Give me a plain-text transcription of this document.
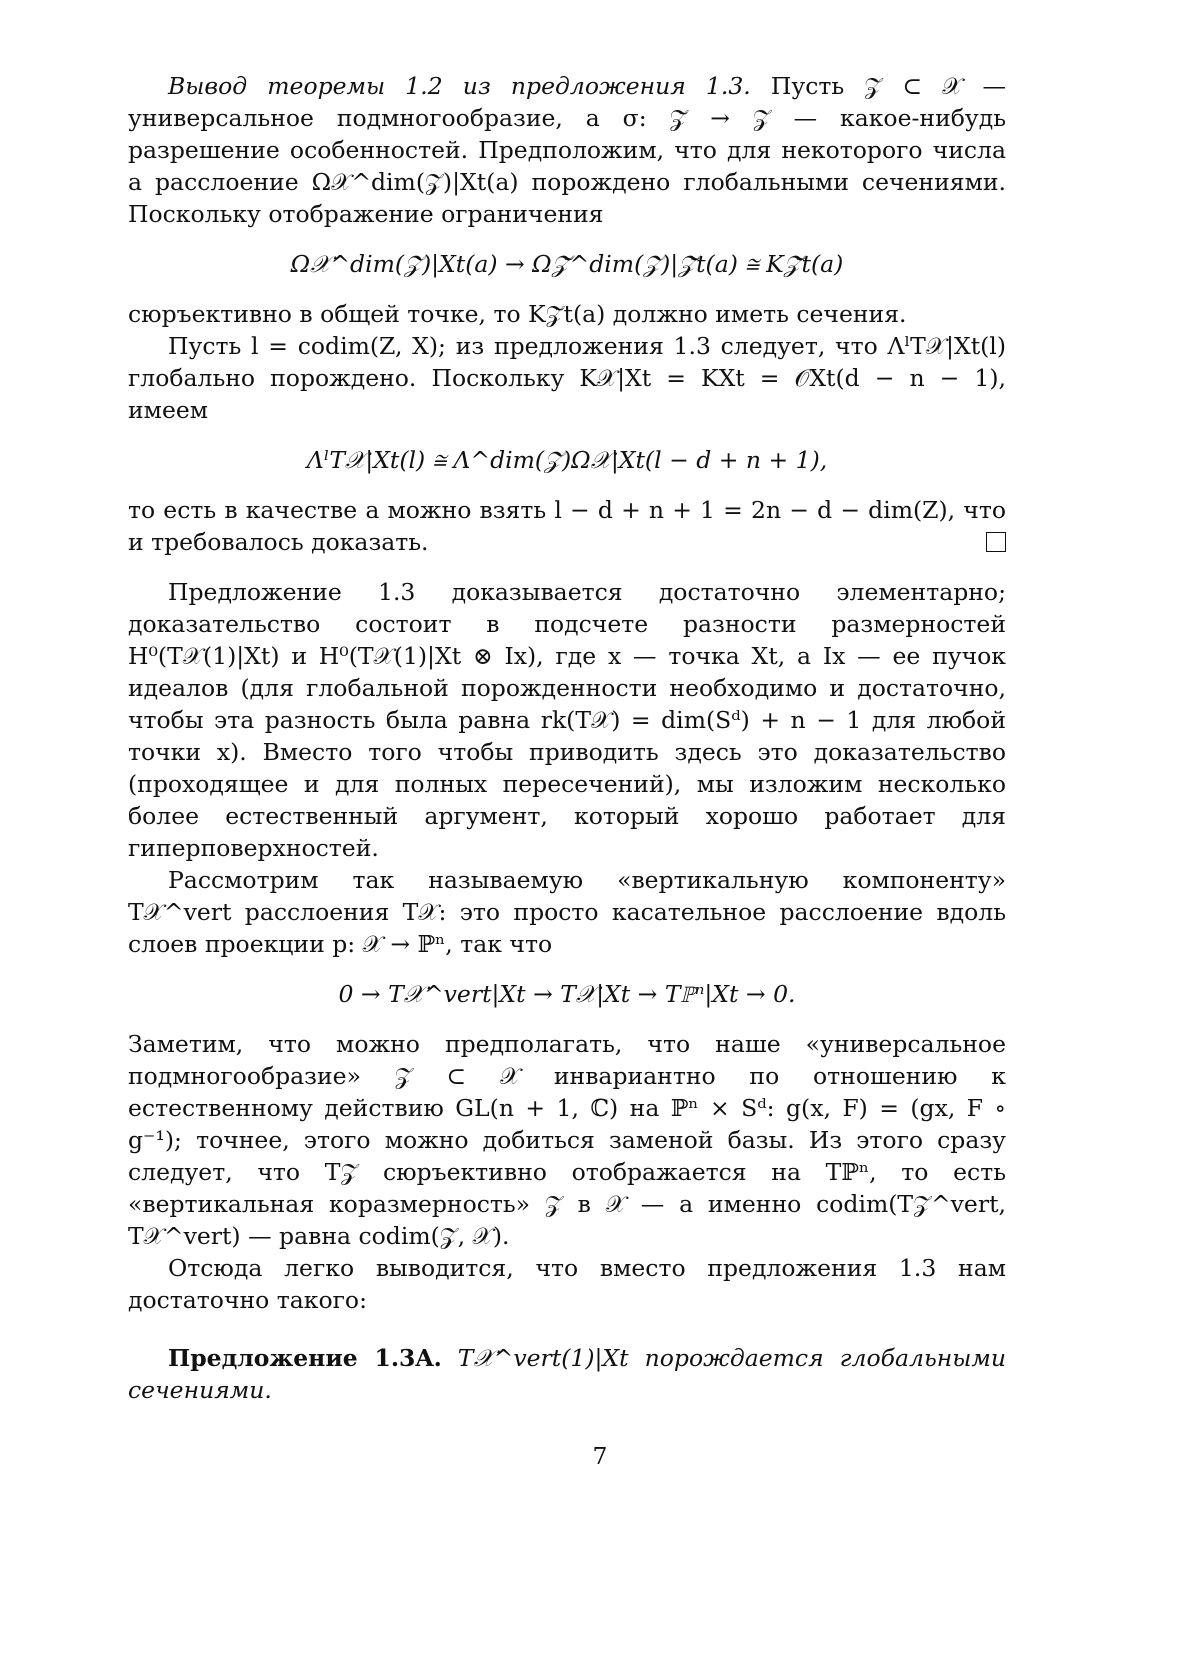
Вывод теоремы 1.2 из предложения 1.3. Пусть 𝒵 ⊂ 𝒳 — универсальное подмногообразие, а σ: 𝒵̃ → 𝒵 — какое-нибудь разрешение особенностей. Предположим, что для некоторого числа a расслоение Ω𝒳^dim(𝒵)|Xt(a) порождено глобальными сечениями. Поскольку отображение ограничения

Ω𝒳^dim(𝒵)|Xt(a) → Ω𝒵̃^dim(𝒵)|𝒵̃t(a) ≅ K𝒵̃t(a)

сюръективно в общей точке, то K𝒵̃t(a) должно иметь сечения.

Пусть l = codim(Z, X); из предложения 1.3 следует, что ΛˡT𝒳|Xt(l) глобально порождено. Поскольку K𝒳|Xt = KXt = 𝒪Xt(d − n − 1), имеем

ΛˡT𝒳|Xt(l) ≅ Λ^dim(𝒵)Ω𝒳|Xt(l − d + n + 1),

то есть в качестве a можно взять l − d + n + 1 = 2n − d − dim(Z), что и требовалось доказать.

Предложение 1.3 доказывается достаточно элементарно; доказательство состоит в подсчете разности размерностей H⁰(T𝒳(1)|Xt) и H⁰(T𝒳(1)|Xt ⊗ Ix), где x — точка Xt, а Ix — ее пучок идеалов (для глобальной порожденности необходимо и достаточно, чтобы эта разность была равна rk(T𝒳) = dim(Sᵈ) + n − 1 для любой точки x). Вместо того чтобы приводить здесь это доказательство (проходящее и для полных пересечений), мы изложим несколько более естественный аргумент, который хорошо работает для гиперповерхностей.

Рассмотрим так называемую «вертикальную компоненту» T𝒳^vert расслоения T𝒳: это просто касательное расслоение вдоль слоев проекции p: 𝒳 → ℙⁿ, так что

0 → T𝒳^vert|Xt → T𝒳|Xt → Tℙⁿ|Xt → 0.

Заметим, что можно предполагать, что наше «универсальное подмногообразие» 𝒵 ⊂ 𝒳 инвариантно по отношению к естественному действию GL(n + 1, ℂ) на ℙⁿ × Sᵈ: g(x, F) = (gx, F ∘ g⁻¹); точнее, этого можно добиться заменой базы. Из этого сразу следует, что T𝒵 сюръективно отображается на Tℙⁿ, то есть «вертикальная коразмерность» 𝒵 в 𝒳 — а именно codim(T𝒵^vert, T𝒳^vert) — равна codim(𝒵, 𝒳).

Отсюда легко выводится, что вместо предложения 1.3 нам достаточно такого:

Предложение 1.3A. T𝒳^vert(1)|Xt порождается глобальными сечениями.

7
